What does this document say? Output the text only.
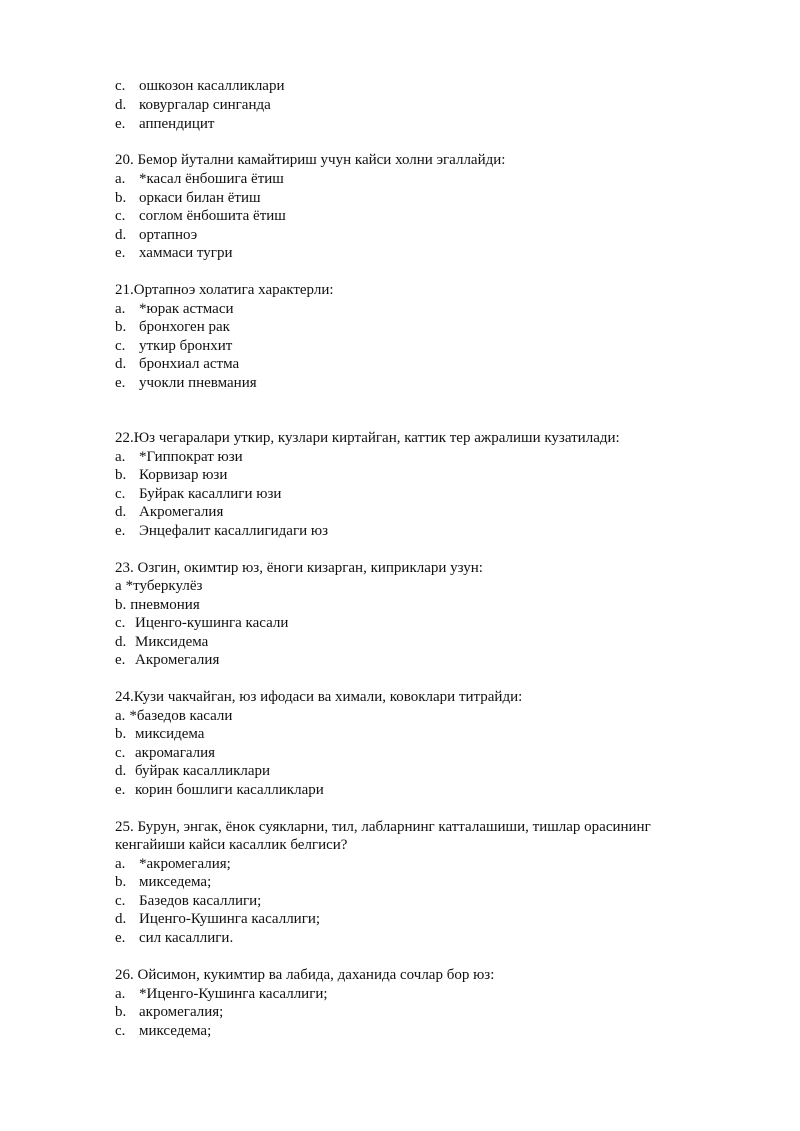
c. ошкозон касалликлари
d. ковургалар синганда
e. аппендицит
20. Бемор йутални камайтириш учун кайси холни эгаллайди:
a. *касал ёнбошига ётиш
b. оркаси билан ётиш
c. соглом ёнбошита ётиш
d. ортапноэ
e. хаммаси тугри
21.Ортапноэ холатига характерли:
a. *юрак астмаси
b. бронхоген рак
c. уткир бронхит
d. бронхиал астма
e. учокли пневмания
22.Юз чегаралари уткир, кузлари киртайган, каттик тер ажралиши кузатилади:
a. *Гиппократ юзи
b. Корвизар юзи
c. Буйрак касаллиги юзи
d. Акромегалия
e. Энцефалит касаллигидаги юз
23. Озгин, окимтир юз, ёноги кизарган, киприклари узун:
a *туберкулёз
b. пневмония
c. Иценго-кушинга касали
d. Миксидема
e. Акромегалия
24.Кузи чакчайган, юз ифодаси ва химали, ковоклари титрайди:
a. *базедов касали
b. миксидема
c. акромагалия
d. буйрак касалликлари
e. корин бошлиги касалликлари
25. Бурун, энгак, ёнок суякларни, тил, лабларнинг катталашиши, тишлар орасининг
кенгайиши кайси касаллик белгиси?
a. *акромегалия;
b. микседема;
c. Базедов касаллиги;
d. Иценго-Кушинга касаллиги;
e. сил касаллиги.
26. Ойсимон, кукимтир ва лабида, даханида сочлар бор юз:
a. *Иценго-Кушинга касаллиги;
b. акромегалия;
c. микседема;
